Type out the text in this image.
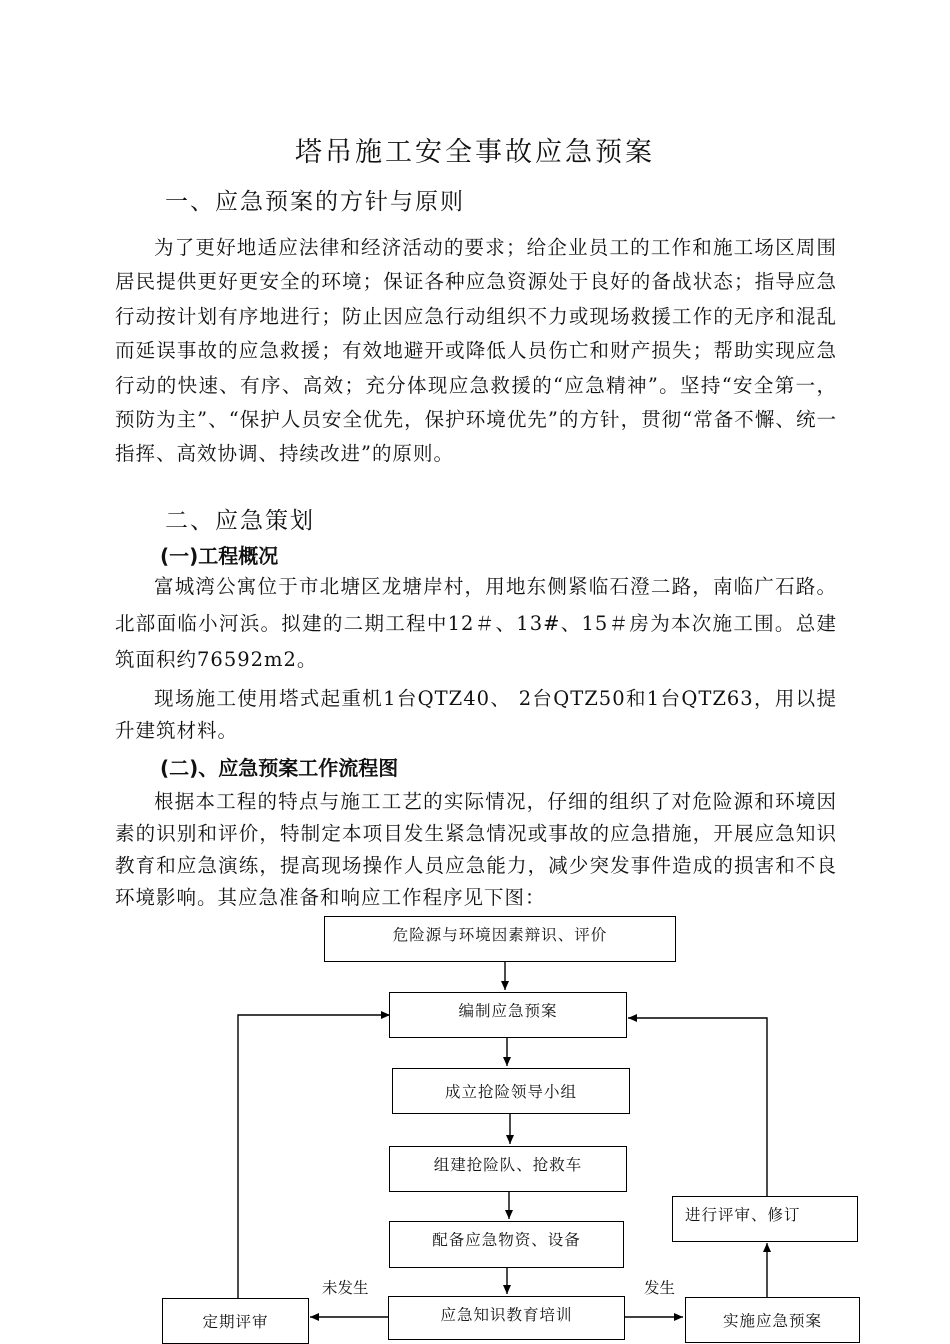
塔吊施工安全事故应急预案
一、应急预案的方针与原则

为了更好地适应法律和经济活动的要求；给企业员工的工作和施工场区周围居民提供更好更安全的环境；保证各种应急资源处于良好的备战状态；指导应急行动按计划有序地进行；防止因应急行动组织不力或现场救援工作的无序和混乱而延误事故的应急救援；有效地避开或降低人员伤亡和财产损失；帮助实现应急行动的快速、有序、高效；充分体现应急救援的“应急精神”。坚持“安全第一，预防为主”、“保护人员安全优先，保护环境优先”的方针，贯彻“常备不懈、统一指挥、高效协调、持续改进”的原则。

二、应急策划
(一)工程概况

富城湾公寓位于市北塘区龙塘岸村，用地东侧紧临石澄二路，南临广石路。北部面临小河浜。拟建的二期工程中12＃、13#、15＃房为本次施工围。总建筑面积约76592m2。

现场施工使用塔式起重机1台QTZ40、 2台QTZ50和1台QTZ63，用以提升建筑材料。

(二)、应急预案工作流程图

根据本工程的特点与施工工艺的实际情况，仔细的组织了对危险源和环境因素的识别和评价，特制定本项目发生紧急情况或事故的应急措施，开展应急知识教育和应急演练，提高现场操作人员应急能力，减少突发事件造成的损害和不良环境影响。其应急准备和响应工作程序见下图：

危险源与环境因素辩识、评价
编制应急预案
成立抢险领导小组
组建抢险队、抢救车
配备应急物资、设备
应急知识教育培训
定期评审	实施应急预案
进行评审、修订
未发生	发生
